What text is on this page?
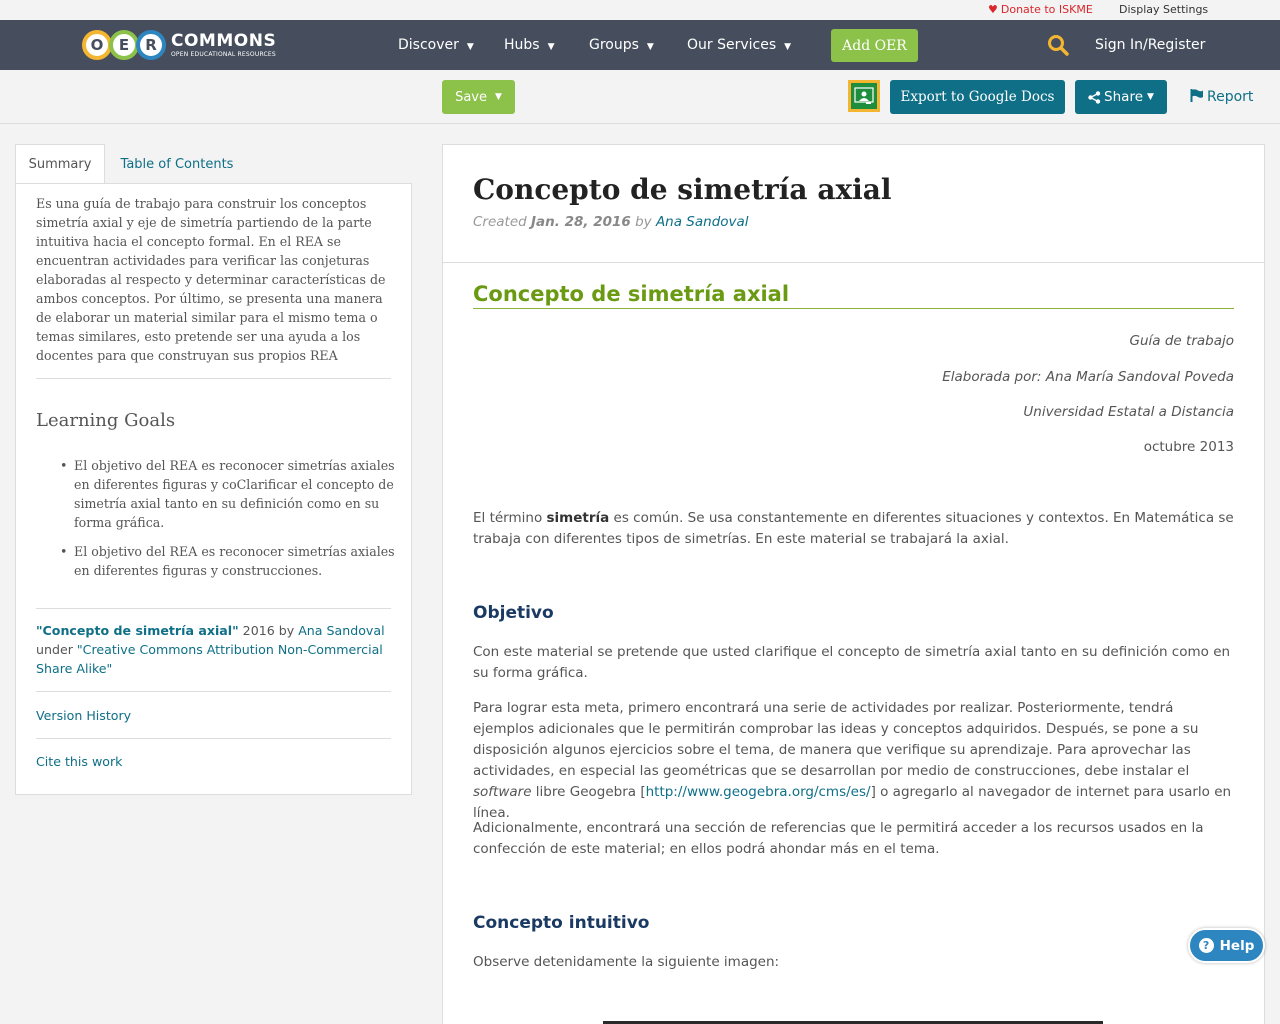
♥ Donate to ISKME Display Settings
O	E	R COMMONS
OPEN EDUCATIONAL RESOURCES
Discover ▼ Hubs ▼ Groups ▼ Our Services ▼	Add OER	Sign In/Register
Save ▼	Export to Google Docs	Share ▼	Report
Summary	Table of Contents
Es una guía de trabajo para construir los conceptos simetría axial y eje de simetría partiendo de la parte intuitiva hacia el concepto formal. En el REA se encuentran actividades para verificar las conjeturas elaboradas al respecto y determinar características de ambos conceptos. Por último, se presenta una manera de elaborar un material similar para el mismo tema o temas similares, esto pretende ser una ayuda a los docentes para que construyan sus propios REA
Learning Goals
• El objetivo del REA es reconocer simetrías axiales en diferentes figuras y coClarificar el concepto de simetría axial tanto en su definición como en su forma gráfica.
• El objetivo del REA es reconocer simetrías axiales en diferentes figuras y construcciones.
"Concepto de simetría axial" 2016 by Ana Sandoval under "Creative Commons Attribution Non-Commercial Share Alike"
Version History
Cite this work
Concepto de simetría axial
Created Jan. 28, 2016 by Ana Sandoval
Concepto de simetría axial
Guía de trabajo
Elaborada por: Ana María Sandoval Poveda
Universidad Estatal a Distancia
octubre 2013

El término simetría es común. Se usa constantemente en diferentes situaciones y contextos. En Matemática se trabaja con diferentes tipos de simetrías. En este material se trabajará la axial.

Objetivo

Con este material se pretende que usted clarifique el concepto de simetría axial tanto en su definición como en su forma gráfica.

Para lograr esta meta, primero encontrará una serie de actividades por realizar. Posteriormente, tendrá ejemplos adicionales que le permitirán comprobar las ideas y conceptos adquiridos. Después, se pone a su disposición algunos ejercicios sobre el tema, de manera que verifique su aprendizaje. Para aprovechar las actividades, en especial las geométricas que se desarrollan por medio de construcciones, debe instalar el software libre Geogebra [http://www.geogebra.org/cms/es/] o agregarlo al navegador de internet para usarlo en línea.

Adicionalmente, encontrará una sección de referencias que le permitirá acceder a los recursos usados en la confección de este material; en ellos podrá ahondar más en el tema.

Concepto intuitivo

Observe detenidamente la siguiente imagen:

? Help
